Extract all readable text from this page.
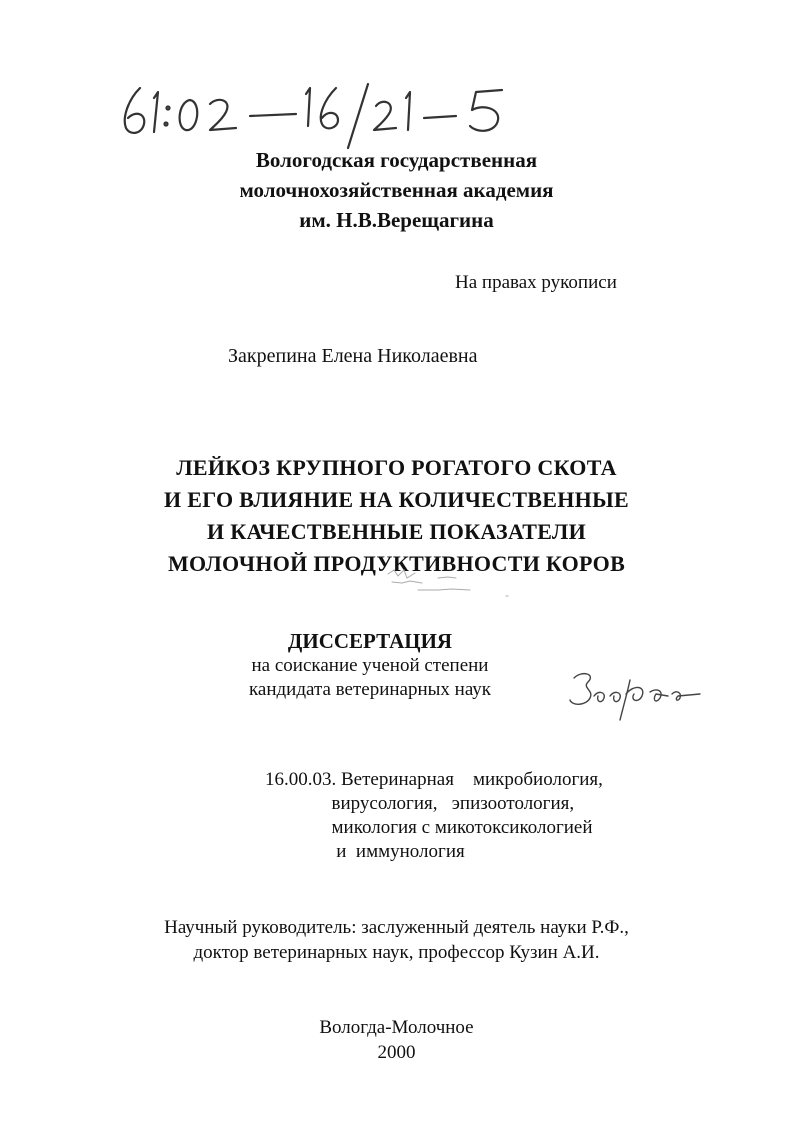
Вологодская государственная
молочнохозяйственная академия
им. Н.В.Верещагина
На правах рукописи
Закрепина Елена Николаевна
ЛЕЙКОЗ КРУПНОГО РОГАТОГО СКОТА
И ЕГО ВЛИЯНИЕ НА КОЛИЧЕСТВЕННЫЕ
И КАЧЕСТВЕННЫЕ ПОКАЗАТЕЛИ
МОЛОЧНОЙ ПРОДУКТИВНОСТИ КОРОВ
ДИССЕРТАЦИЯ
на соискание ученой степени
кандидата ветеринарных наук
16.00.03. Ветеринарная    микробиология,
вирусология,   эпизоотология,
микология с микотоксикологией
и  иммунология
Научный руководитель: заслуженный деятель науки Р.Ф.,
доктор ветеринарных наук, профессор Кузин А.И.
Вологда-Молочное
2000
